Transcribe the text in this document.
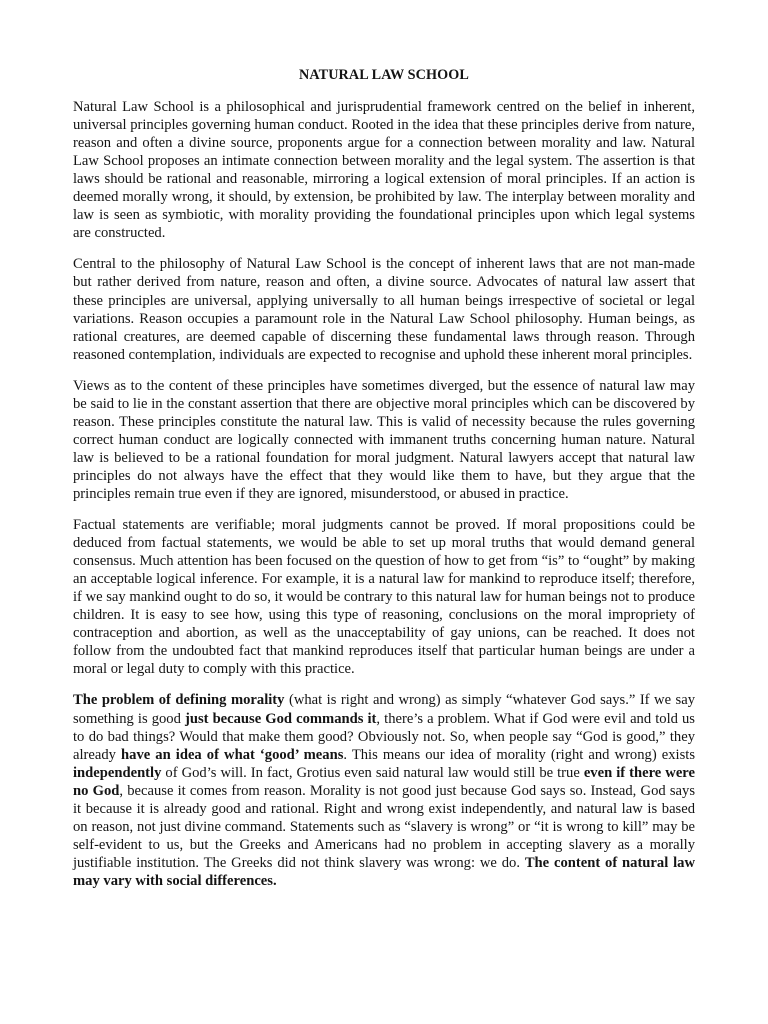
NATURAL LAW SCHOOL

Natural Law School is a philosophical and jurisprudential framework centred on the belief in inherent, universal principles governing human conduct. Rooted in the idea that these principles derive from nature, reason and often a divine source, proponents argue for a connection between morality and law. Natural Law School proposes an intimate connection between morality and the legal system. The assertion is that laws should be rational and reasonable, mirroring a logical extension of moral principles. If an action is deemed morally wrong, it should, by extension, be prohibited by law. The interplay between morality and law is seen as symbiotic, with morality providing the foundational principles upon which legal systems are constructed.

Central to the philosophy of Natural Law School is the concept of inherent laws that are not man-made but rather derived from nature, reason and often, a divine source. Advocates of natural law assert that these principles are universal, applying universally to all human beings irrespective of societal or legal variations. Reason occupies a paramount role in the Natural Law School philosophy. Human beings, as rational creatures, are deemed capable of discerning these fundamental laws through reason. Through reasoned contemplation, individuals are expected to recognise and uphold these inherent moral principles.

Views as to the content of these principles have sometimes diverged, but the essence of natural law may be said to lie in the constant assertion that there are objective moral principles which can be discovered by reason. These principles constitute the natural law. This is valid of necessity because the rules governing correct human conduct are logically connected with immanent truths concerning human nature. Natural law is believed to be a rational foundation for moral judgment. Natural lawyers accept that natural law principles do not always have the effect that they would like them to have, but they argue that the principles remain true even if they are ignored, misunderstood, or abused in practice.

Factual statements are verifiable; moral judgments cannot be proved. If moral propositions could be deduced from factual statements, we would be able to set up moral truths that would demand general consensus. Much attention has been focused on the question of how to get from “is” to “ought” by making an acceptable logical inference. For example, it is a natural law for mankind to reproduce itself; therefore, if we say mankind ought to do so, it would be contrary to this natural law for human beings not to produce children. It is easy to see how, using this type of reasoning, conclusions on the moral impropriety of contraception and abortion, as well as the unacceptability of gay unions, can be reached. It does not follow from the undoubted fact that mankind reproduces itself that particular human beings are under a moral or legal duty to comply with this practice.

The problem of defining morality (what is right and wrong) as simply “whatever God says.” If we say something is good just because God commands it, there’s a problem. What if God were evil and told us to do bad things? Would that make them good? Obviously not. So, when people say “God is good,” they already have an idea of what ‘good’ means. This means our idea of morality (right and wrong) exists independently of God’s will. In fact, Grotius even said natural law would still be true even if there were no God, because it comes from reason. Morality is not good just because God says so. Instead, God says it because it is already good and rational. Right and wrong exist independently, and natural law is based on reason, not just divine command. Statements such as “slavery is wrong” or “it is wrong to kill” may be self-evident to us, but the Greeks and Americans had no problem in accepting slavery as a morally justifiable institution. The Greeks did not think slavery was wrong: we do. The content of natural law may vary with social differences.
